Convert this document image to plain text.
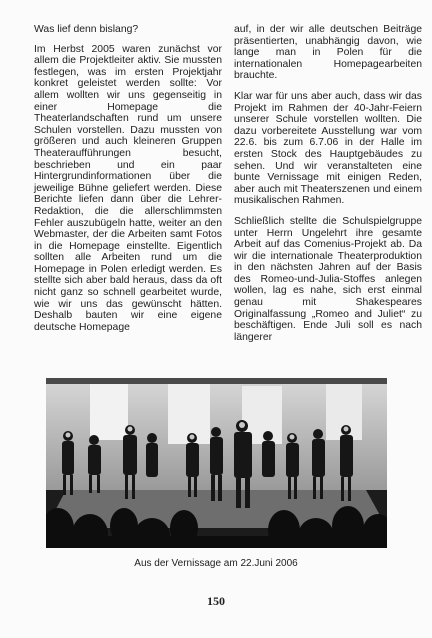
Was lief denn bislang?

Im Herbst 2005 waren zunächst vor allem die Projektleiter aktiv. Sie mussten festlegen, was im ersten Projektjahr konkret geleistet werden sollte: Vor allem wollten wir uns gegenseitig in einer Homepage die Theaterlandschaften rund um unsere Schulen vorstellen. Dazu mussten von größeren und auch kleineren Gruppen Theateraufführungen besucht, beschrieben und ein paar Hintergrundinformationen über die jeweilige Bühne geliefert werden. Diese Berichte liefen dann über die Lehrer-Redaktion, die die allerschlimmsten Fehler auszubügeln hatte, weiter an den Webmaster, der die Arbeiten samt Fotos in die Homepage einstellte. Eigentlich sollten alle Arbeiten rund um die Homepage in Polen erledigt werden. Es stellte sich aber bald heraus, dass da oft nicht ganz so schnell gearbeitet wurde, wie wir uns das gewünscht hätten. Deshalb bauten wir eine eigene deutsche Homepage

auf, in der wir alle deutschen Beiträge präsentierten, unabhängig davon, wie lange man in Polen für die internationalen Homepagearbeiten brauchte.

Klar war für uns aber auch, dass wir das Projekt im Rahmen der 40-Jahr-Feiern unserer Schule vorstellen wollten. Die dazu vorbereitete Ausstellung war vom 22.6. bis zum 6.7.06 in der Halle im ersten Stock des Hauptgebäudes zu sehen. Und wir veranstalteten eine bunte Vernissage mit einigen Reden, aber auch mit Theaterszenen und einem musikalischen Rahmen.

Schließlich stellte die Schulspielgruppe unter Herrn Ungelehrt ihre gesamte Arbeit auf das Comenius-Projekt ab. Da wir die internationale Theaterproduktion in den nächsten Jahren auf der Basis des Romeo-und-Julia-Stoffes anlegen wollen, lag es nahe, sich erst einmal genau mit Shakespeares Originalfassung „Romeo and Juliet“ zu beschäftigen. Ende Juli soll es nach längerer

Aus der Vernissage am 22.Juni 2006
150
